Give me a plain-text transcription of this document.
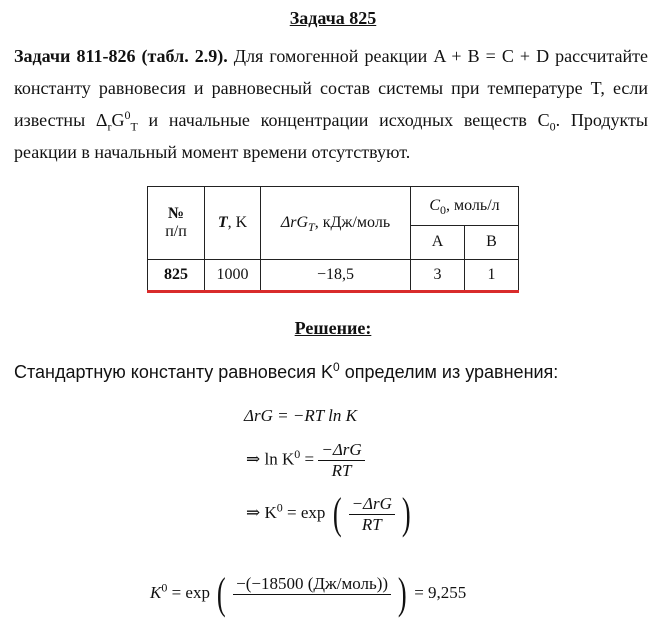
Задача 825
Задачи 811-826 (табл. 2.9). Для гомогенной реакции A + B = C + D рассчитайте константу равновесия и равновесный состав системы при температуре T, если известны $\Delta_rG^0_T$ и начальные концентрации исходных веществ $C_0$. Продукты реакции в начальный момент времени отсутствуют.
№
п/п	T, K	ΔrG$_T$, кДж/моль	$C_0$, моль/л	
			A	B
825	1000	−18,5	3	1
Решение:
Стандартную константу равновесия $K^0$ определим из уравнения:
ΔrG = −RT ln K
⇒ $\ln K^0 = \frac{\text{−ΔrG}}{RT}$
⇒ $K^0 = \exp$ ( $\frac{\text{−ΔrG}}{RT}$ )
$K^0 = \exp$ ( −(−18500 (Дж/моль))
) = 9,255
